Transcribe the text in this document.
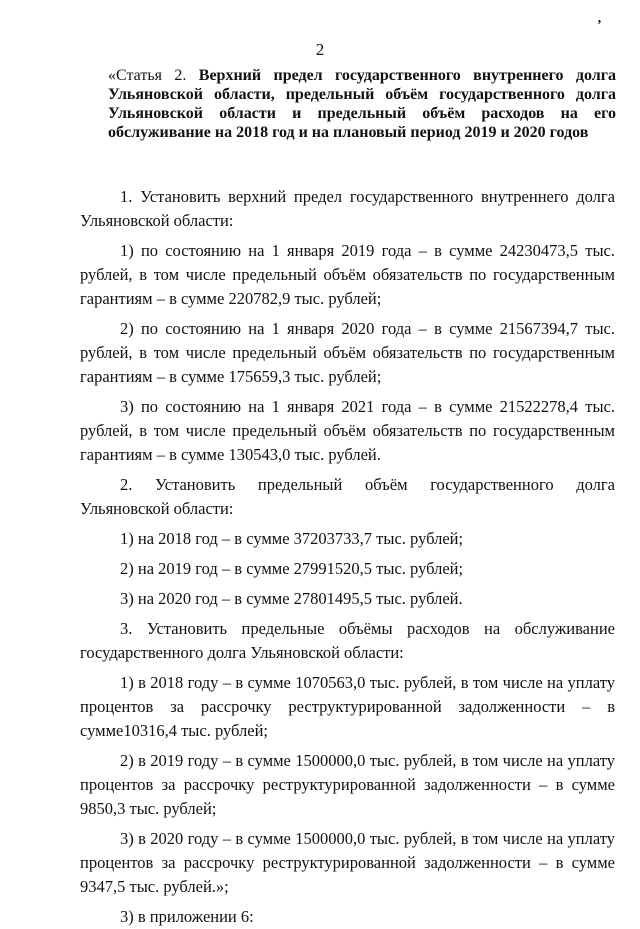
2
’
«Статья 2. Верхний предел государственного внутреннего долга Ульяновской области, предельный объём государственного долга Ульяновской области и предельный объём расходов на его обслуживание на 2018 год и на плановый период 2019 и 2020 годов

1. Установить верхний предел государственного внутреннего долга Ульяновской области:

1) по состоянию на 1 января 2019 года – в сумме 24230473,5 тыс. рублей, в том числе предельный объём обязательств по государственным гарантиям – в сумме 220782,9 тыс. рублей;

2) по состоянию на 1 января 2020 года – в сумме 21567394,7 тыс. рублей, в том числе предельный объём обязательств по государственным гарантиям – в сумме 175659,3 тыс. рублей;

3) по состоянию на 1 января 2021 года – в сумме 21522278,4 тыс. рублей, в том числе предельный объём обязательств по государственным гарантиям – в сумме 130543,0 тыс. рублей.

2. Установить предельный объём государственного долга Ульяновской области:

1) на 2018 год – в сумме 37203733,7 тыс. рублей;

2) на 2019 год – в сумме 27991520,5 тыс. рублей;

3) на 2020 год – в сумме 27801495,5 тыс. рублей.

3. Установить предельные объёмы расходов на обслуживание государственного долга Ульяновской области:

1) в 2018 году – в сумме 1070563,0 тыс. рублей, в том числе на уплату процентов за рассрочку реструктурированной задолженности – в сумме10316,4 тыс. рублей;

2) в 2019 году – в сумме 1500000,0 тыс. рублей, в том числе на уплату процентов за рассрочку реструктурированной задолженности – в сумме 9850,3 тыс. рублей;

3) в 2020 году – в сумме 1500000,0 тыс. рублей, в том числе на уплату процентов за рассрочку реструктурированной задолженности – в сумме 9347,5 тыс. рублей.»;

3) в приложении 6:
